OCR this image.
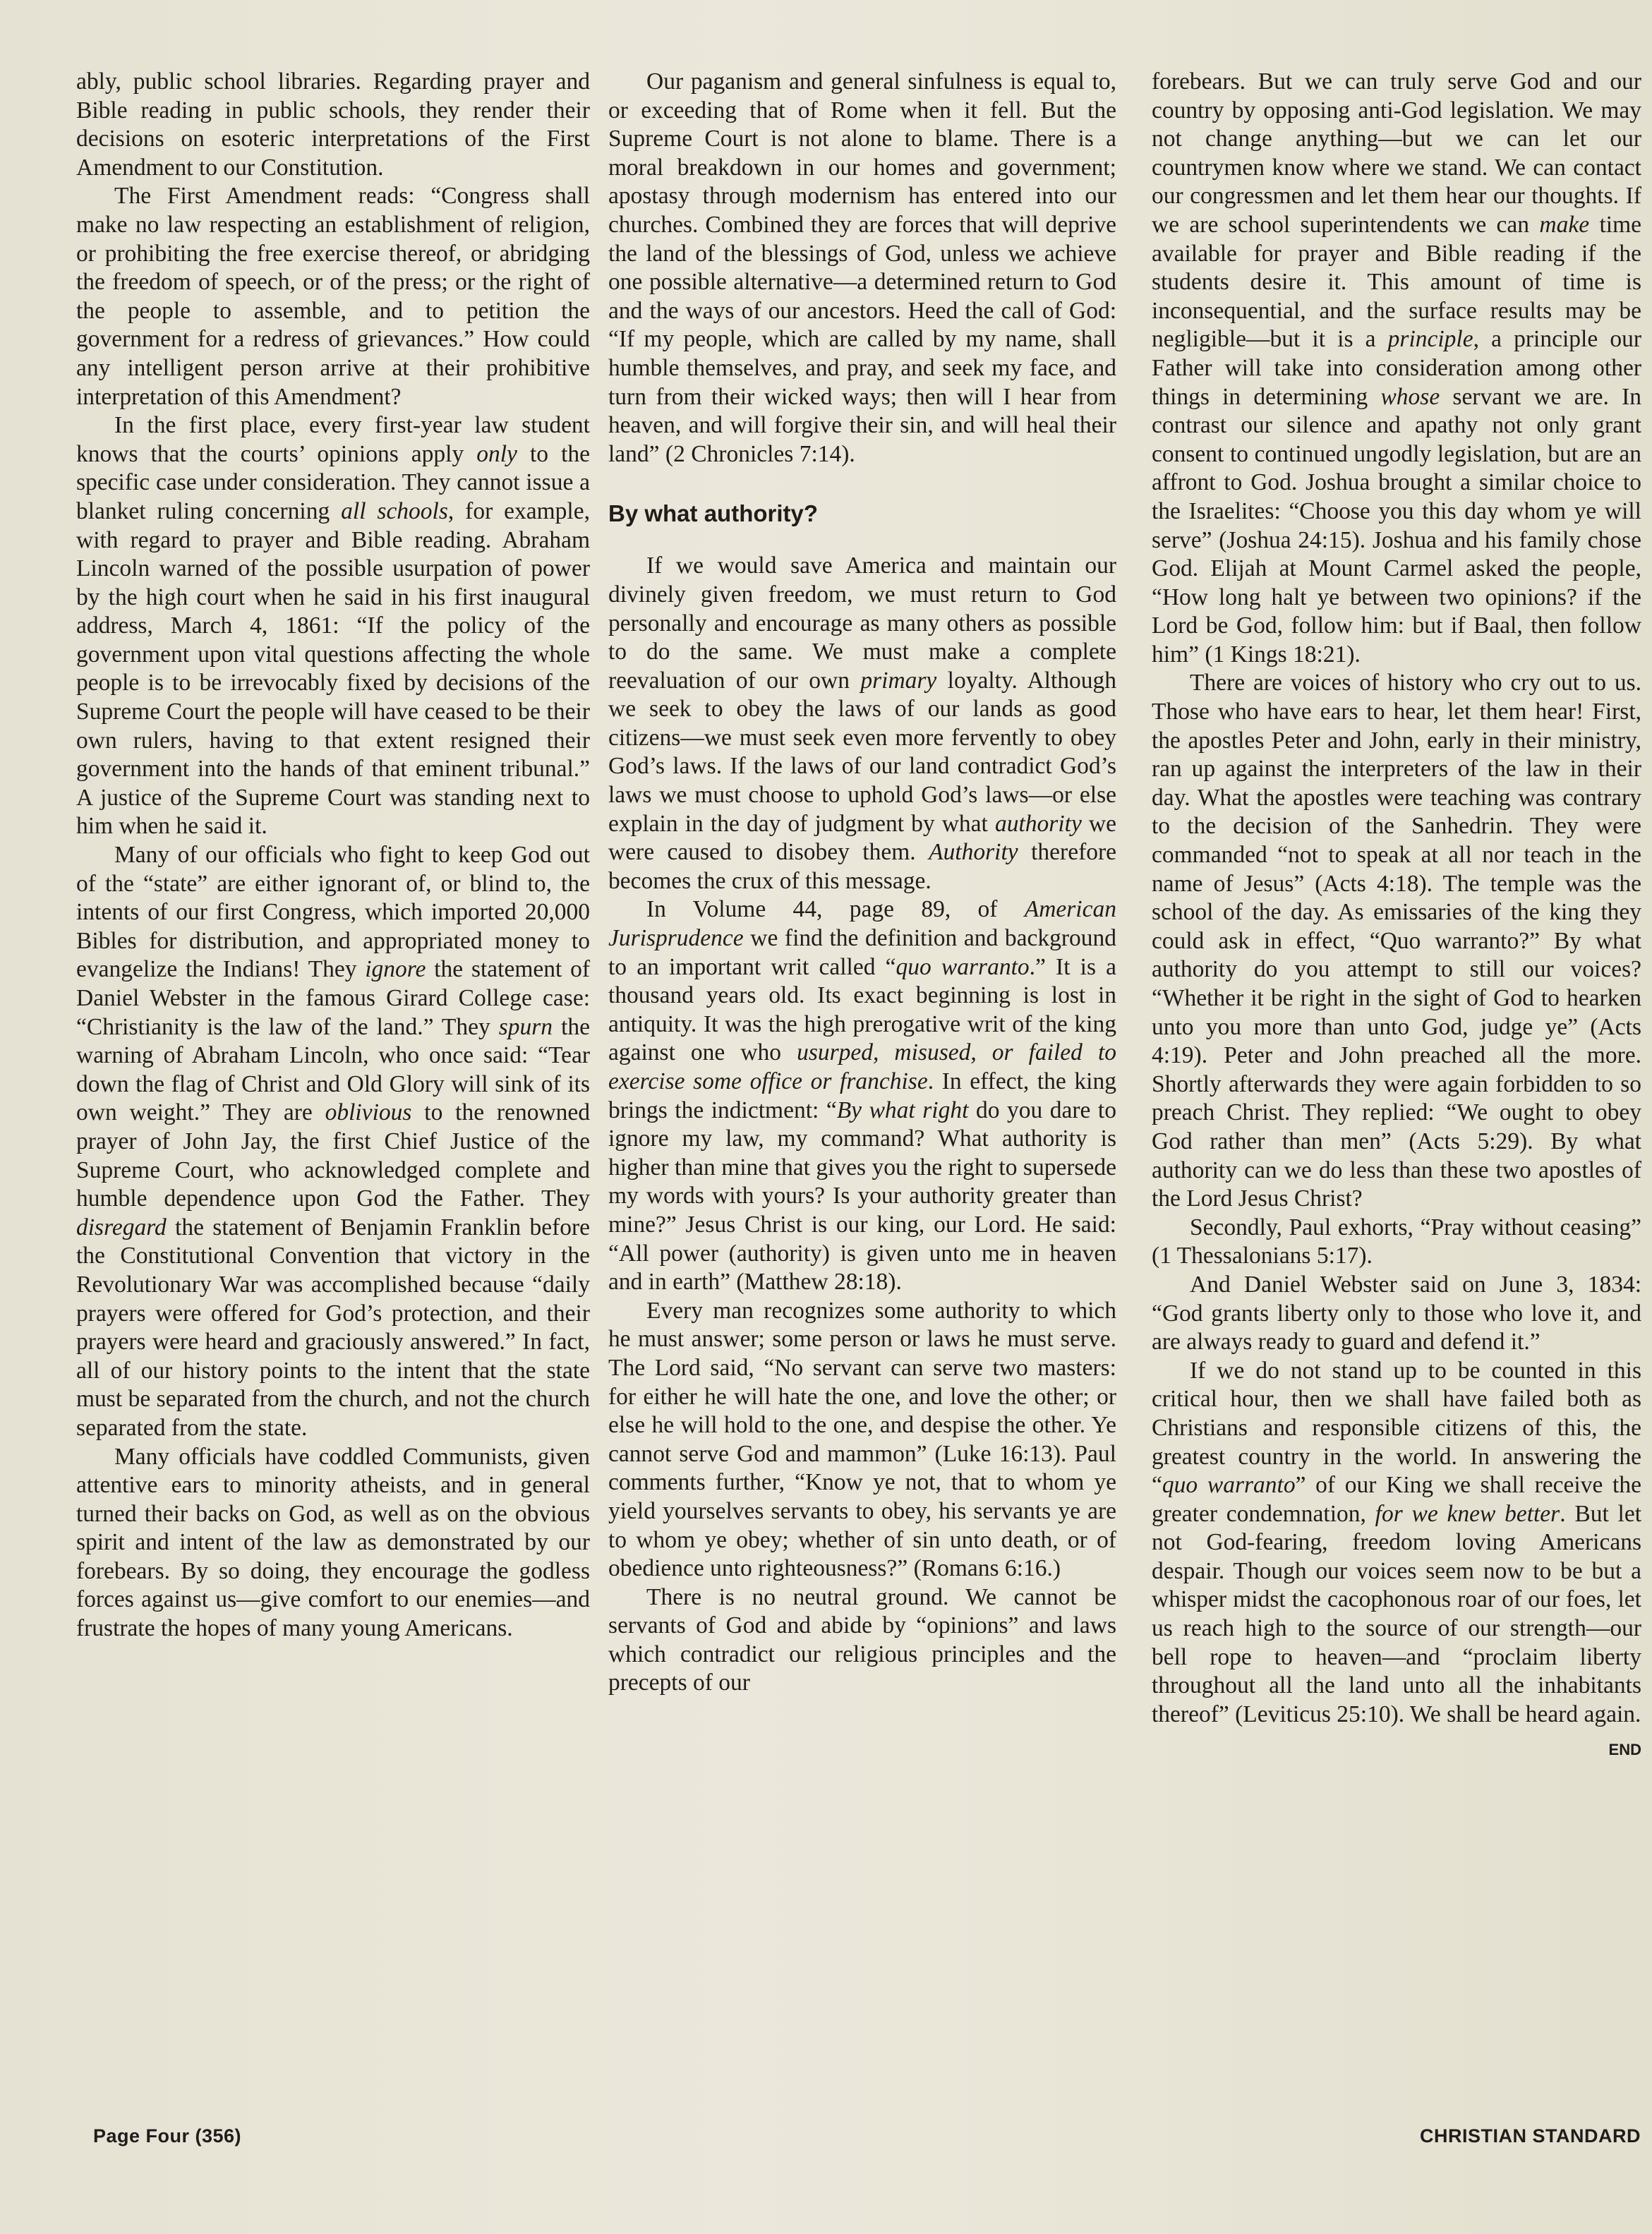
ably, public school libraries. Regarding prayer and Bible reading in public schools, they render their decisions on esoteric interpretations of the First Amendment to our Constitution.

The First Amendment reads: “Congress shall make no law respecting an establishment of religion, or prohibiting the free exercise thereof, or abridging the freedom of speech, or of the press; or the right of the people to assemble, and to petition the government for a redress of grievances.” How could any intelligent person arrive at their prohibitive interpretation of this Amendment?

In the first place, every first-year law student knows that the courts’ opinions apply only to the specific case under consideration. They cannot issue a blanket ruling concerning all schools, for example, with regard to prayer and Bible reading. Abraham Lincoln warned of the possible usurpation of power by the high court when he said in his first inaugural address, March 4, 1861: “If the policy of the government upon vital questions affecting the whole people is to be irrevocably fixed by decisions of the Supreme Court the people will have ceased to be their own rulers, having to that extent resigned their government into the hands of that eminent tribunal.” A justice of the Supreme Court was standing next to him when he said it.

Many of our officials who fight to keep God out of the “state” are either ignorant of, or blind to, the intents of our first Congress, which imported 20,000 Bibles for distribution, and appropriated money to evangelize the Indians! They ignore the statement of Daniel Webster in the famous Girard College case: “Christianity is the law of the land.” They spurn the warning of Abraham Lincoln, who once said: “Tear down the flag of Christ and Old Glory will sink of its own weight.” They are oblivious to the renowned prayer of John Jay, the first Chief Justice of the Supreme Court, who acknowledged complete and humble dependence upon God the Father. They disregard the statement of Benjamin Franklin before the Constitutional Convention that victory in the Revolutionary War was accomplished because “daily prayers were offered for God’s protection, and their prayers were heard and graciously answered.” In fact, all of our history points to the intent that the state must be separated from the church, and not the church separated from the state.

Many officials have coddled Communists, given attentive ears to minority atheists, and in general turned their backs on God, as well as on the obvious spirit and intent of the law as demonstrated by our forebears. By so doing, they encourage the godless forces against us—give comfort to our enemies—and frustrate the hopes of many young Americans.

Our paganism and general sinfulness is equal to, or exceeding that of Rome when it fell. But the Supreme Court is not alone to blame. There is a moral breakdown in our homes and government; apostasy through modernism has entered into our churches. Combined they are forces that will deprive the land of the blessings of God, unless we achieve one possible alternative—a determined return to God and the ways of our ancestors. Heed the call of God: “If my people, which are called by my name, shall humble themselves, and pray, and seek my face, and turn from their wicked ways; then will I hear from heaven, and will forgive their sin, and will heal their land” (2 Chronicles 7:14).

By what authority?

If we would save America and maintain our divinely given freedom, we must return to God personally and encourage as many others as possible to do the same. We must make a complete reevaluation of our own primary loyalty. Although we seek to obey the laws of our lands as good citizens—we must seek even more fervently to obey God’s laws. If the laws of our land contradict God’s laws we must choose to uphold God’s laws—or else explain in the day of judgment by what authority we were caused to disobey them. Authority therefore becomes the crux of this message.

In Volume 44, page 89, of American Jurisprudence we find the definition and background to an important writ called “quo warranto.” It is a thousand years old. Its exact beginning is lost in antiquity. It was the high prerogative writ of the king against one who usurped, misused, or failed to exercise some office or franchise. In effect, the king brings the indictment: “By what right do you dare to ignore my law, my command? What authority is higher than mine that gives you the right to supersede my words with yours? Is your authority greater than mine?” Jesus Christ is our king, our Lord. He said: “All power (authority) is given unto me in heaven and in earth” (Matthew 28:18).

Every man recognizes some authority to which he must answer; some person or laws he must serve. The Lord said, “No servant can serve two masters: for either he will hate the one, and love the other; or else he will hold to the one, and despise the other. Ye cannot serve God and mammon” (Luke 16:13). Paul comments further, “Know ye not, that to whom ye yield yourselves servants to obey, his servants ye are to whom ye obey; whether of sin unto death, or of obedience unto righteousness?” (Romans 6:16.)

There is no neutral ground. We cannot be servants of God and abide by “opinions” and laws which contradict our religious principles and the precepts of our

forebears. But we can truly serve God and our country by opposing anti-God legislation. We may not change anything—but we can let our countrymen know where we stand. We can contact our congressmen and let them hear our thoughts. If we are school superintendents we can make time available for prayer and Bible reading if the students desire it. This amount of time is inconsequential, and the surface results may be negligible—but it is a principle, a principle our Father will take into consideration among other things in determining whose servant we are. In contrast our silence and apathy not only grant consent to continued ungodly legislation, but are an affront to God. Joshua brought a similar choice to the Israelites: “Choose you this day whom ye will serve” (Joshua 24:15). Joshua and his family chose God. Elijah at Mount Carmel asked the people, “How long halt ye between two opinions? if the Lord be God, follow him: but if Baal, then follow him” (1 Kings 18:21).

There are voices of history who cry out to us. Those who have ears to hear, let them hear! First, the apostles Peter and John, early in their ministry, ran up against the interpreters of the law in their day. What the apostles were teaching was contrary to the decision of the Sanhedrin. They were commanded “not to speak at all nor teach in the name of Jesus” (Acts 4:18). The temple was the school of the day. As emissaries of the king they could ask in effect, “Quo warranto?” By what authority do you attempt to still our voices? “Whether it be right in the sight of God to hearken unto you more than unto God, judge ye” (Acts 4:19). Peter and John preached all the more. Shortly afterwards they were again forbidden to so preach Christ. They replied: “We ought to obey God rather than men” (Acts 5:29). By what authority can we do less than these two apostles of the Lord Jesus Christ?

Secondly, Paul exhorts, “Pray without ceasing” (1 Thessalonians 5:17).

And Daniel Webster said on June 3, 1834: “God grants liberty only to those who love it, and are always ready to guard and defend it.”

If we do not stand up to be counted in this critical hour, then we shall have failed both as Christians and responsible citizens of this, the greatest country in the world. In answering the “quo warranto” of our King we shall receive the greater condemnation, for we knew better. But let not God-fearing, freedom loving Americans despair. Though our voices seem now to be but a whisper midst the cacophonous roar of our foes, let us reach high to the source of our strength—our bell rope to heaven—and “proclaim liberty throughout all the land unto all the inhabitants thereof” (Leviticus 25:10). We shall be heard again.

END
Page Four (356)	CHRISTIAN STANDARD
